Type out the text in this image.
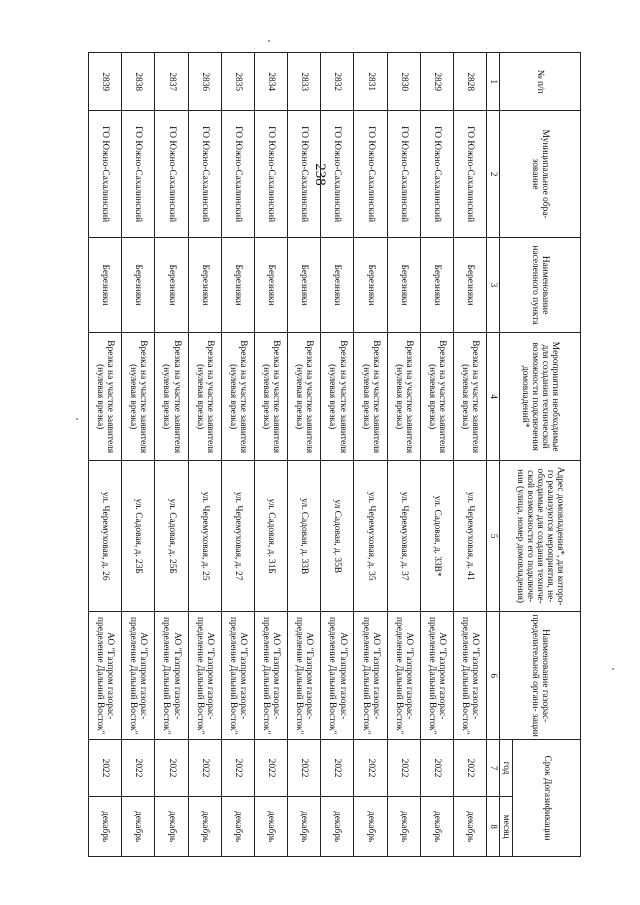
238
№ п/п	Муниципальное обра- зование	Наименование населенного пункта	Мероприятия необходимые для создания технической возможности подключения домовладений*	Адрес домовладения*, для которо- го реализуются мероприятия, не- обходимые для создания техниче- ской возможности его подключе- ния (улица, номер домовладения)	Наименование газорас- пределительной органи- зации	Срок Догазификации	
						год	месяц
1	2	3	4	5	6	7	8
2828	ГО Южно-Сахалинский	Березняки	Врезка на участке заявителя (нулевая врезка)	ул. Черемуховая, д. 41	АО "Газпром газорас- пределение Дальний Восток"	2022	декабрь
2829	ГО Южно-Сахалинский	Березняки	Врезка на участке заявителя (нулевая врезка)	ул. Садовая, д. 33В*	АО "Газпром газорас- пределение Дальний Восток"	2022	декабрь
2830	ГО Южно-Сахалинский	Березняки	Врезка на участке заявителя (нулевая врезка)	ул. Черемуховая, д. 37	АО "Газпром газорас- пределение Дальний Восток"	2022	декабрь
2831	ГО Южно-Сахалинский	Березняки	Врезка на участке заявителя (нулевая врезка)	ул. Черемуховая, д. 35	АО "Газпром газорас- пределение Дальний Восток"	2022	декабрь
2832	ГО Южно-Сахалинский	Березняки	Врезка на участке заявителя (нулевая врезка)	ул Садовая, д. 35В	АО "Газпром газорас- пределение Дальний Восток"	2022	декабрь
2833	ГО Южно-Сахалинский	Березняки	Врезка на участке заявителя (нулевая врезка)	ул. Садовая, д. 33В	АО "Газпром газорас- пределение Дальний Восток"	2022	декабрь
2834	ГО Южно-Сахалинский	Березняки	Врезка на участке заявителя (нулевая врезка)	ул. Садовая, д. 31Б	АО "Газпром газорас- пределение Дальний Восток"	2022	декабрь
2835	ГО Южно-Сахалинский	Березняки	Врезка на участке заявителя (нулевая врезка)	ул. Черемуховая, д. 27	АО "Газпром газорас- пределение Дальний Восток"	2022	декабрь
2836	ГО Южно-Сахалинский	Березняки	Врезка на участке заявителя (нулевая врезка)	ул. Черемуховая, д. 25	АО "Газпром газорас- пределение Дальний Восток"	2022	декабрь
2837	ГО Южно-Сахалинский	Березняки	Врезка на участке заявителя (нулевая врезка)	ул. Садовая, д. 25Б	АО "Газпром газорас- пределение Дальний Восток"	2022	декабрь
2838	ГО Южно-Сахалинский	Березняки	Врезка на участке заявителя (нулевая врезка)	ул. Садовая, д. 23Б	АО "Газпром газорас- пределение Дальний Восток"	2022	декабрь
2839	ГО Южно-Сахалинский	Березняки	Врезка на участке заявителя (нулевая врезка)	ул. Черемуховая, д. 26	АО "Газпром газорас- пределение Дальний Восток"	2022	декабрь
